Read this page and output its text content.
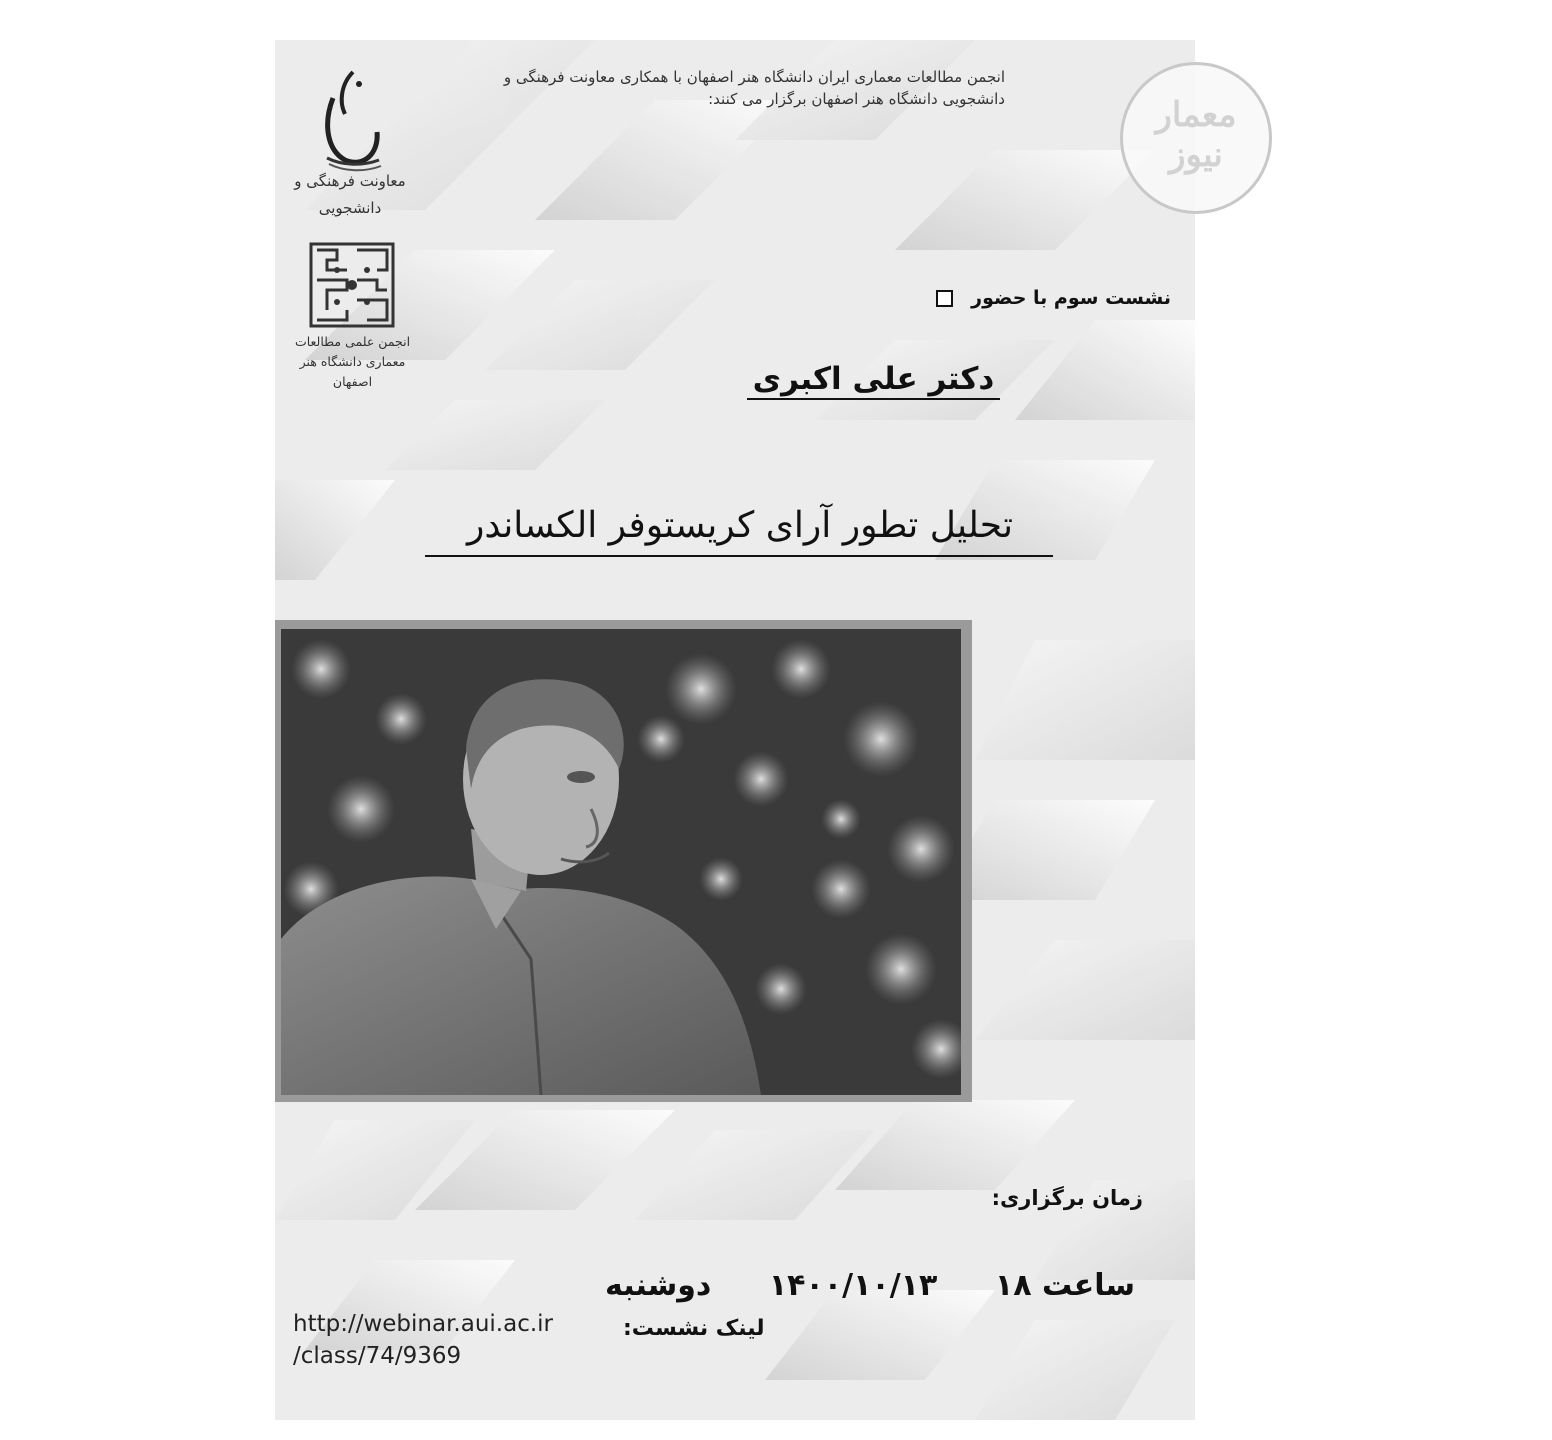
معاونت فرهنگی و
دانشجویی
انجمن علمی مطالعات
معماری دانشگاه هنر
اصفهان
انجمن مطالعات معماری ایران دانشگاه هنر اصفهان با همکاری معاونت فرهنگی و دانشجویی دانشگاه هنر اصفهان برگزار می کنند:
نشست سوم با حضور
دکتر علی اکبری
تحلیل تطور آرای کریستوفر الکساندر
زمان برگزاری:
دوشنبه ۱۴۰۰/۱۰/۱۳ ساعت ۱۸
لینک نشست:
http://webinar.aui.ac.ir
/class/74/9369
معمار
نیوز
